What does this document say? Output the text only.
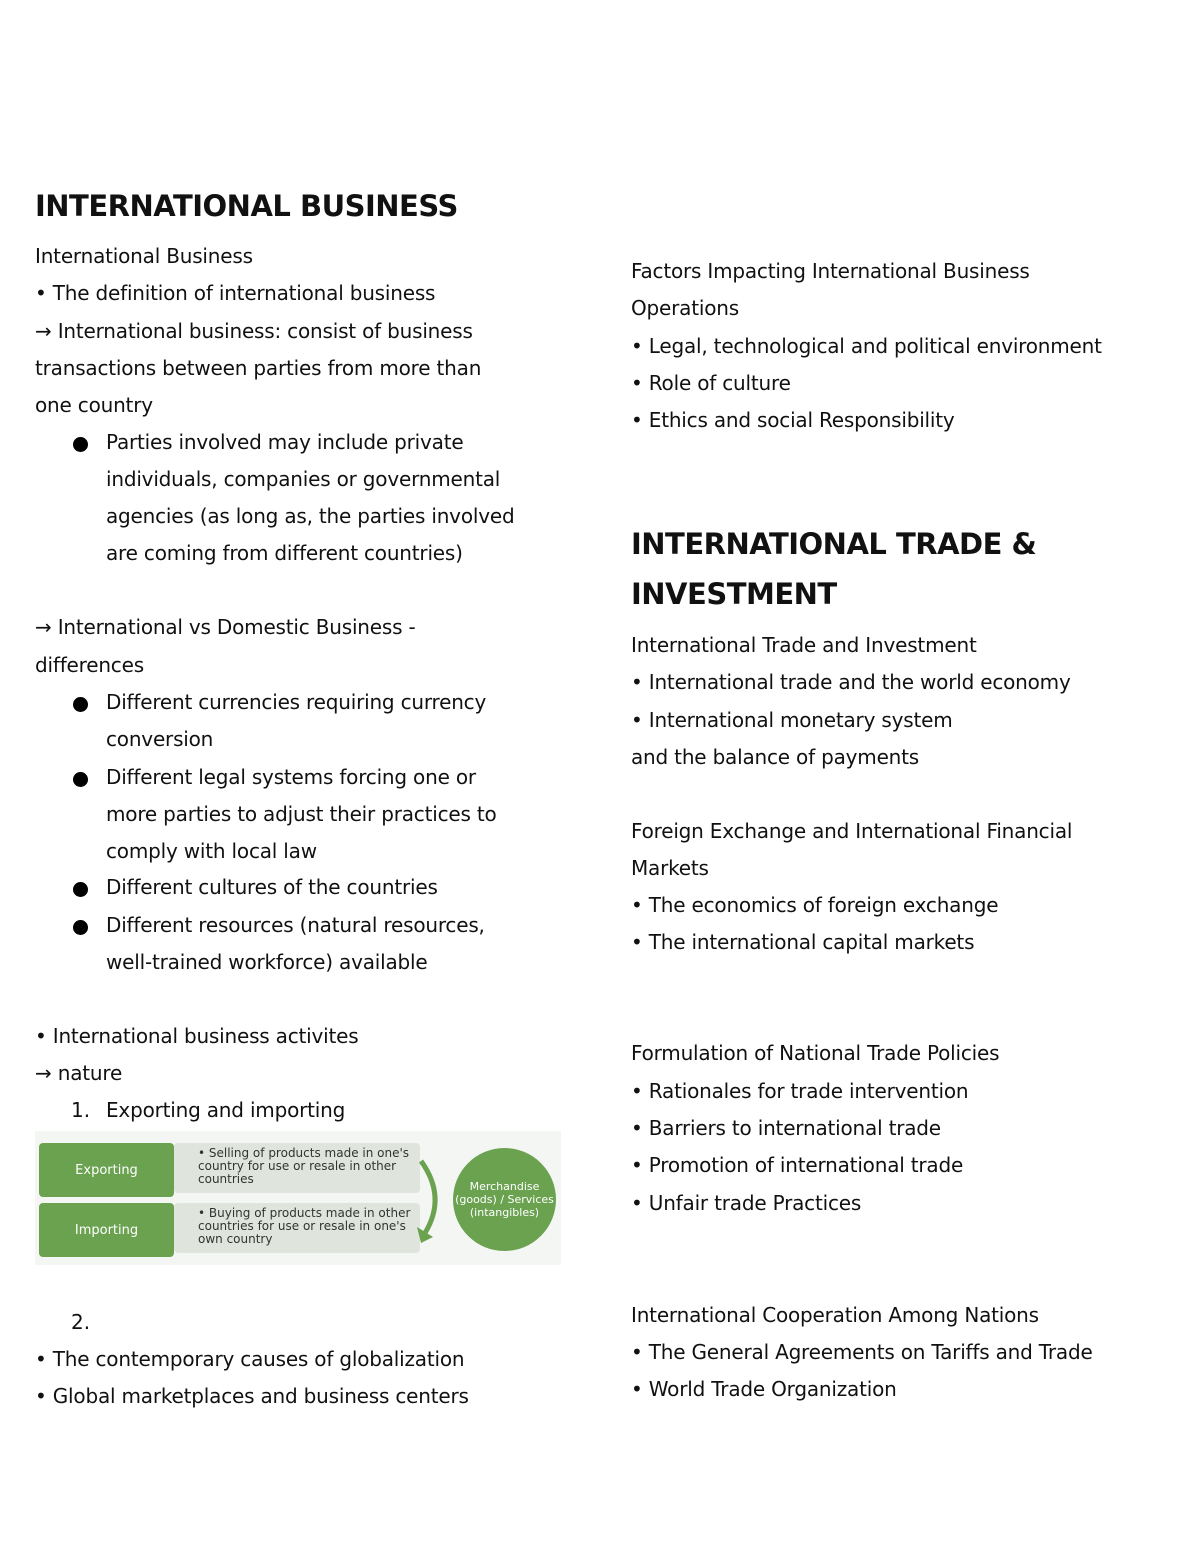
INTERNATIONAL BUSINESS
International Business
• The definition of international business
→ International business: consist of business
transactions between parties from more than
one country
Parties involved may include private
individuals, companies or governmental
agencies (as long as, the parties involved
are coming from different countries)
→ International vs Domestic Business -
differences
Different currencies requiring currency
conversion
Different legal systems forcing one or
more parties to adjust their practices to
comply with local law
Different cultures of the countries
Different resources (natural resources,
well-trained workforce) available
• International business activites
→ nature
1. Exporting and importing
Exporting
• Selling of products made in one's country for use or resale in other countries
Importing
• Buying of products made in other countries for use or resale in one's own country
Merchandise (goods) / Services (intangibles)
2.
• The contemporary causes of globalization
• Global marketplaces and business centers
Factors Impacting International Business
Operations
• Legal, technological and political environment
• Role of culture
• Ethics and social Responsibility
INTERNATIONAL TRADE &
INVESTMENT
International Trade and Investment
• International trade and the world economy
• International monetary system
and the balance of payments
Foreign Exchange and International Financial
Markets
• The economics of foreign exchange
• The international capital markets
Formulation of National Trade Policies
• Rationales for trade intervention
• Barriers to international trade
• Promotion of international trade
• Unfair trade Practices
International Cooperation Among Nations
• The General Agreements on Tariffs and Trade
• World Trade Organization
